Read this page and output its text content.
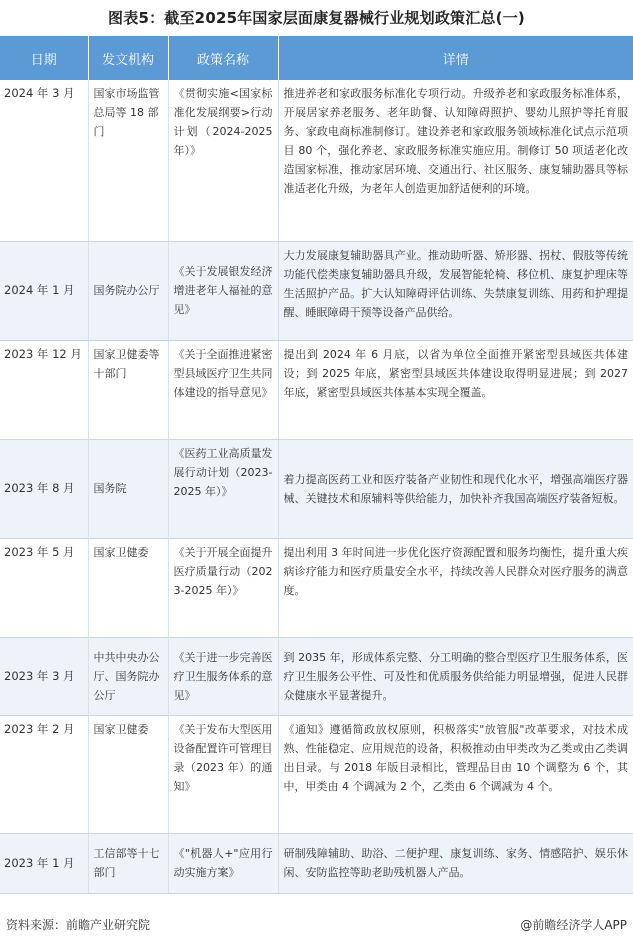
图表5：截至2025年国家层面康复器械行业规划政策汇总(一)
日期	发文机构	政策名称	详情
2024 年 3 月	国家市场监管总局等 18 部门	《贯彻实施<国家标准化发展纲要>行动计划（2024-2025 年）》	推进养老和家政服务标准化专项行动。升级养老和家政服务标准体系，开展居家养老服务、老年助餐、认知障碍照护、婴幼儿照护等托育服务、家政电商标准制修订。建设养老和家政服务领域标准化试点示范项目 80 个，强化养老、家政服务标准实施应用。制修订 50 项适老化改造国家标准，推动家居环境、交通出行、社区服务、康复辅助器具等标准适老化升级，为老年人创造更加舒适便利的环境。
2024 年 1 月	国务院办公厅	《关于发展银发经济增进老年人福祉的意见》	大力发展康复辅助器具产业。推动助听器、矫形器、拐杖、假肢等传统功能代偿类康复辅助器具升级，发展智能轮椅、移位机、康复护理床等生活照护产品。扩大认知障碍评估训练、失禁康复训练、用药和护理提醒、睡眠障碍干预等设备产品供给。
2023 年 12 月	国家卫健委等十部门	《关于全面推进紧密型县域医疗卫生共同体建设的指导意见》	提出到 2024 年 6 月底，以省为单位全面推开紧密型县域医共体建设；到 2025 年底，紧密型县域医共体建设取得明显进展；到 2027 年底，紧密型县域医共体基本实现全覆盖。
2023 年 8 月	国务院	《医药工业高质量发展行动计划（2023-2025 年）》	着力提高医药工业和医疗装备产业韧性和现代化水平，增强高端医疗器械、关键技术和原辅料等供给能力，加快补齐我国高端医疗装备短板。
2023 年 5 月	国家卫健委	《关于开展全面提升医疗质量行动（2023-2025 年）》	提出利用 3 年时间进一步优化医疗资源配置和服务均衡性，提升重大疾病诊疗能力和医疗质量安全水平，持续改善人民群众对医疗服务的满意度。
2023 年 3 月	中共中央办公厅、国务院办公厅	《关于进一步完善医疗卫生服务体系的意见》	到 2035 年，形成体系完整、分工明确的整合型医疗卫生服务体系，医疗卫生服务公平性、可及性和优质服务供给能力明显增强，促进人民群众健康水平显著提升。
2023 年 2 月	国家卫健委	《关于发布大型医用设备配置许可管理目录（2023 年）的通知》	《通知》遵循简政放权原则，积极落实"放管服"改革要求，对技术成熟、性能稳定、应用规范的设备，积极推动由甲类改为乙类或由乙类调出目录。与 2018 年版目录相比，管理品目由 10 个调整为 6 个，其中，甲类由 4 个调减为 2 个，乙类由 6 个调减为 4 个。
2023 年 1 月	工信部等十七部门	《"机器人+"应用行动实施方案》	研制残障辅助、助浴、二便护理、康复训练、家务、情感陪护、娱乐休闲、安防监控等助老助残机器人产品。
资料来源：前瞻产业研究院	@前瞻经济学人APP
